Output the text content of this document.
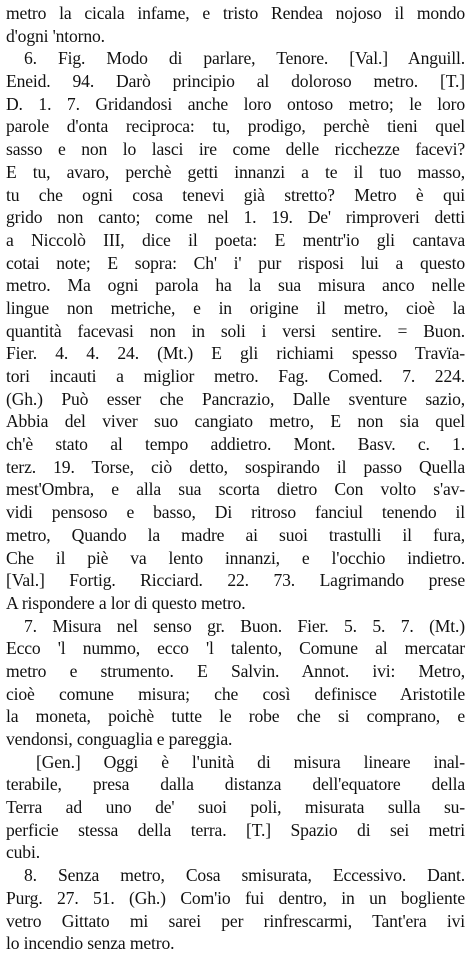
metro la cicala infame, e tristo Rendea nojoso il mondo
d'ogni 'ntorno.
6. Fig. Modo di parlare, Tenore. [Val.] Anguill.
Eneid. 94. Darò principio al doloroso metro. [T.]
D. 1. 7. Gridandosi anche loro ontoso metro; le loro
parole d'onta reciproca: tu, prodigo, perchè tieni quel
sasso e non lo lasci ire come delle ricchezze facevi?
E tu, avaro, perchè getti innanzi a te il tuo masso,
tu che ogni cosa tenevi già stretto? Metro è qui
grido non canto; come nel 1. 19. De' rimproveri detti
a Niccolò III, dice il poeta: E mentr'io gli cantava
cotai note; E sopra: Ch' i' pur risposi lui a questo
metro. Ma ogni parola ha la sua misura anco nelle
lingue non metriche, e in origine il metro, cioè la
quantità facevasi non in soli i versi sentire. = Buon.
Fier. 4. 4. 24. (Mt.) E gli richiami spesso Travïa-
tori incauti a miglior metro. Fag. Comed. 7. 224.
(Gh.) Può esser che Pancrazio, Dalle sventure sazio,
Abbia del viver suo cangiato metro, E non sia quel
ch'è stato al tempo addietro. Mont. Basv. c. 1.
terz. 19. Torse, ciò detto, sospirando il passo Quella
mest'Ombra, e alla sua scorta dietro Con volto s'av-
vidi pensoso e basso, Di ritroso fanciul tenendo il
metro, Quando la madre ai suoi trastulli il fura,
Che il piè va lento innanzi, e l'occhio indietro.
[Val.] Fortig. Ricciard. 22. 73. Lagrimando prese
A rispondere a lor di questo metro.
7. Misura nel senso gr. Buon. Fier. 5. 5. 7. (Mt.)
Ecco 'l nummo, ecco 'l talento, Comune al mercatar
metro e strumento. E Salvin. Annot. ivi: Metro,
cioè comune misura; che così definisce Aristotile
la moneta, poichè tutte le robe che si comprano, e
vendonsi, conguaglia e pareggia.
[Gen.] Oggi è l'unità di misura lineare inal-
terabile, presa dalla distanza dell'equatore della
Terra ad uno de' suoi poli, misurata sulla su-
perficie stessa della terra. [T.] Spazio di sei metri
cubi.
8. Senza metro, Cosa smisurata, Eccessivo. Dant.
Purg. 27. 51. (Gh.) Com'io fui dentro, in un bogliente
vetro Gittato mi sarei per rinfrescarmi, Tant'era ivi
lo incendio senza metro.
